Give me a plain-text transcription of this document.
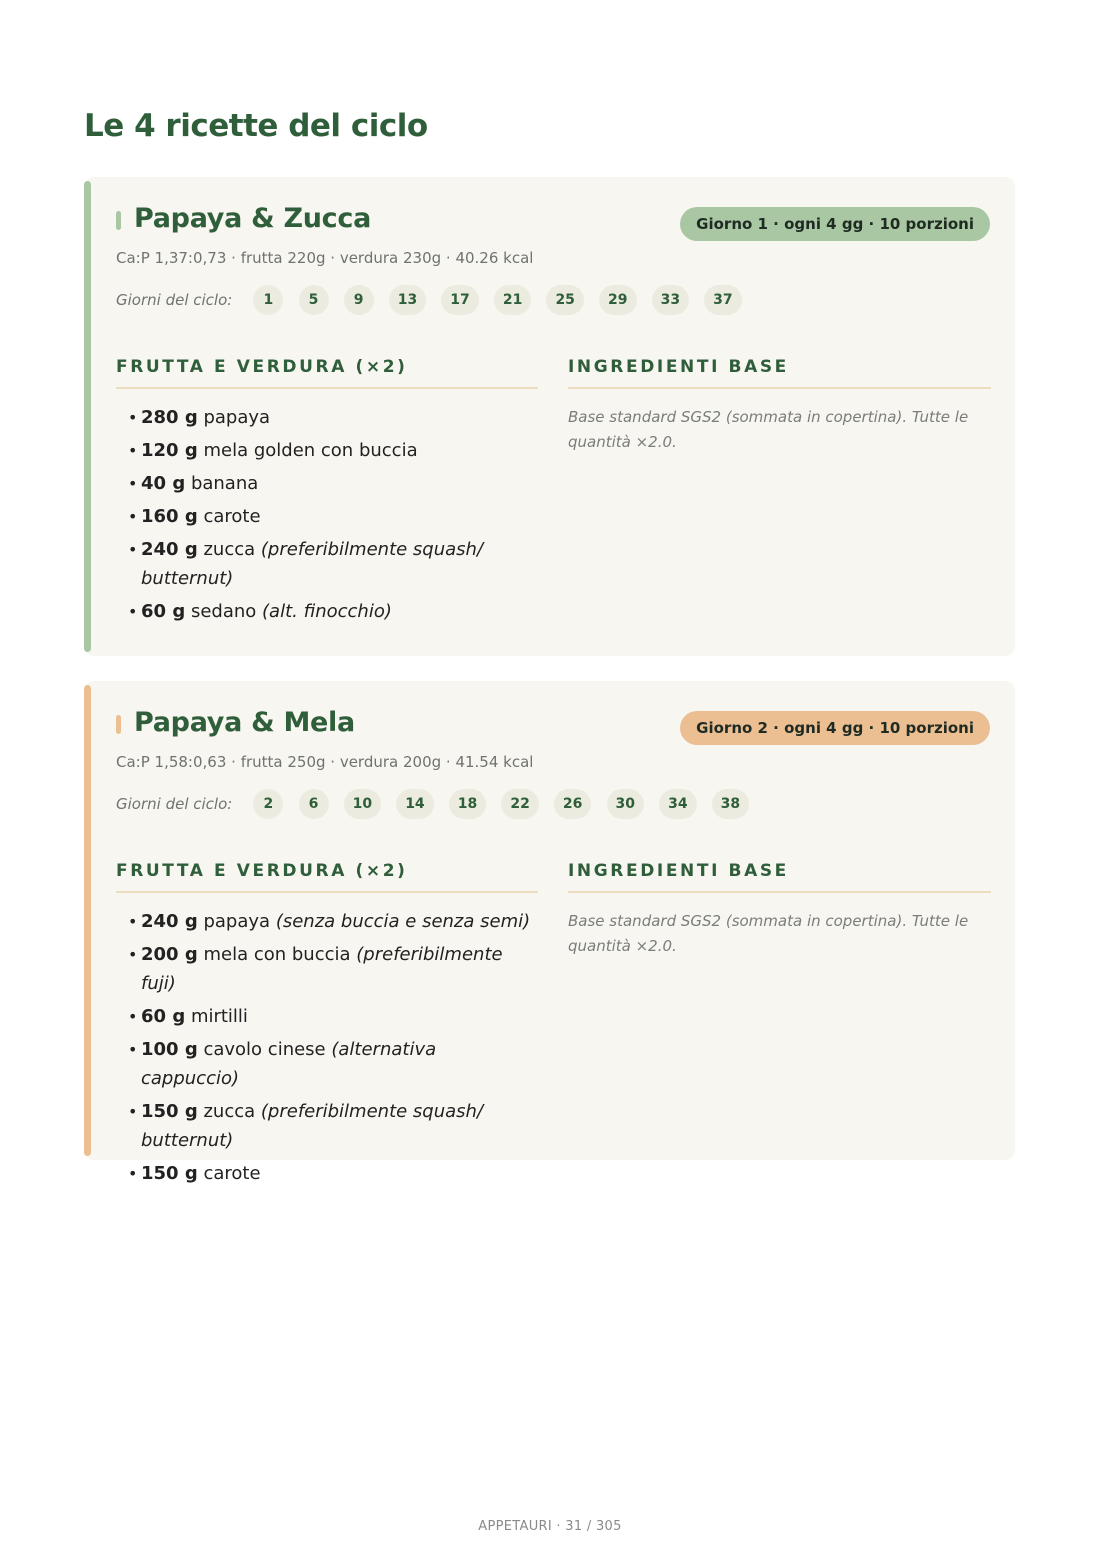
Le 4 ricette del ciclo
Papaya & Zucca	Giorno 1 · ogni 4 gg · 10 porzioni
Ca:P 1,37:0,73 · frutta 220g · verdura 230g · 40.26 kcal
Giorni del ciclo: 1	5	9 13 17 21 25 29 33 37
FRUTTA E VERDURA (×2)
• 280 g papaya
• 120 g mela golden con buccia
• 40 g banana
• 160 g carote
• 240 g zucca (preferibilmente squash/ butternut)
• 60 g sedano (alt. finocchio)
INGREDIENTI BASE
Base standard SGS2 (sommata in copertina). Tutte le quantità ×2.0.
Papaya & Mela	Giorno 2 · ogni 4 gg · 10 porzioni
Ca:P 1,58:0,63 · frutta 250g · verdura 200g · 41.54 kcal
Giorni del ciclo: 2	6 10 14 18 22 26 30 34 38
FRUTTA E VERDURA (×2)
• 240 g papaya (senza buccia e senza semi)
• 200 g mela con buccia (preferibilmente fuji)
• 60 g mirtilli
• 100 g cavolo cinese (alternativa cappuccio)
• 150 g zucca (preferibilmente squash/ butternut)
• 150 g carote
INGREDIENTI BASE
Base standard SGS2 (sommata in copertina). Tutte le quantità ×2.0.
APPETAURI · 31 / 305
